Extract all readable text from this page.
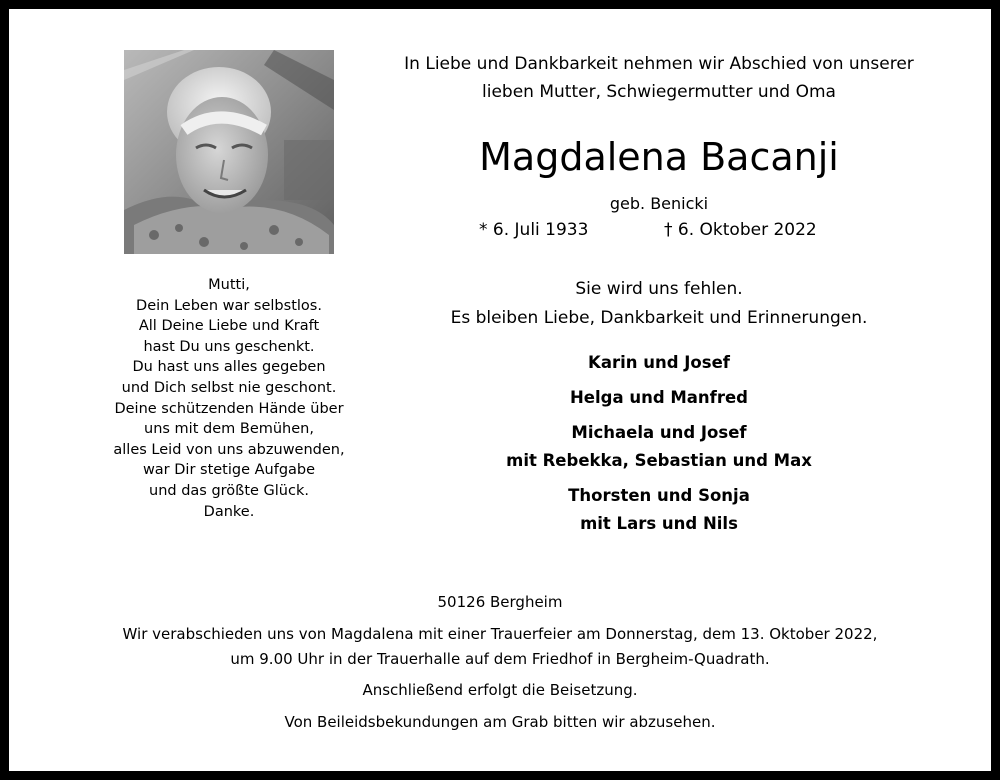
Mutti,
Dein Leben war selbstlos.
All Deine Liebe und Kraft
hast Du uns geschenkt.
Du hast uns alles gegeben
und Dich selbst nie geschont.
Deine schützenden Hände über
uns mit dem Bemühen,
alles Leid von uns abzuwenden,
war Dir stetige Aufgabe
und das größte Glück.
Danke.
In Liebe und Dankbarkeit nehmen wir Abschied von unserer
lieben Mutter, Schwiegermutter und Oma
Magdalena Bacanji
geb. Benicki
* 6. Juli 1933	† 6. Oktober 2022
Sie wird uns fehlen.
Es bleiben Liebe, Dankbarkeit und Erinnerungen.
Karin und Josef
Helga und Manfred
Michaela und Josef
mit Rebekka, Sebastian und Max
Thorsten und Sonja
mit Lars und Nils
50126 Bergheim
Wir verabschieden uns von Magdalena mit einer Trauerfeier am Donnerstag, dem 13. Oktober 2022,
um 9.00 Uhr in der Trauerhalle auf dem Friedhof in Bergheim-Quadrath.
Anschließend erfolgt die Beisetzung.
Von Beileidsbekundungen am Grab bitten wir abzusehen.
